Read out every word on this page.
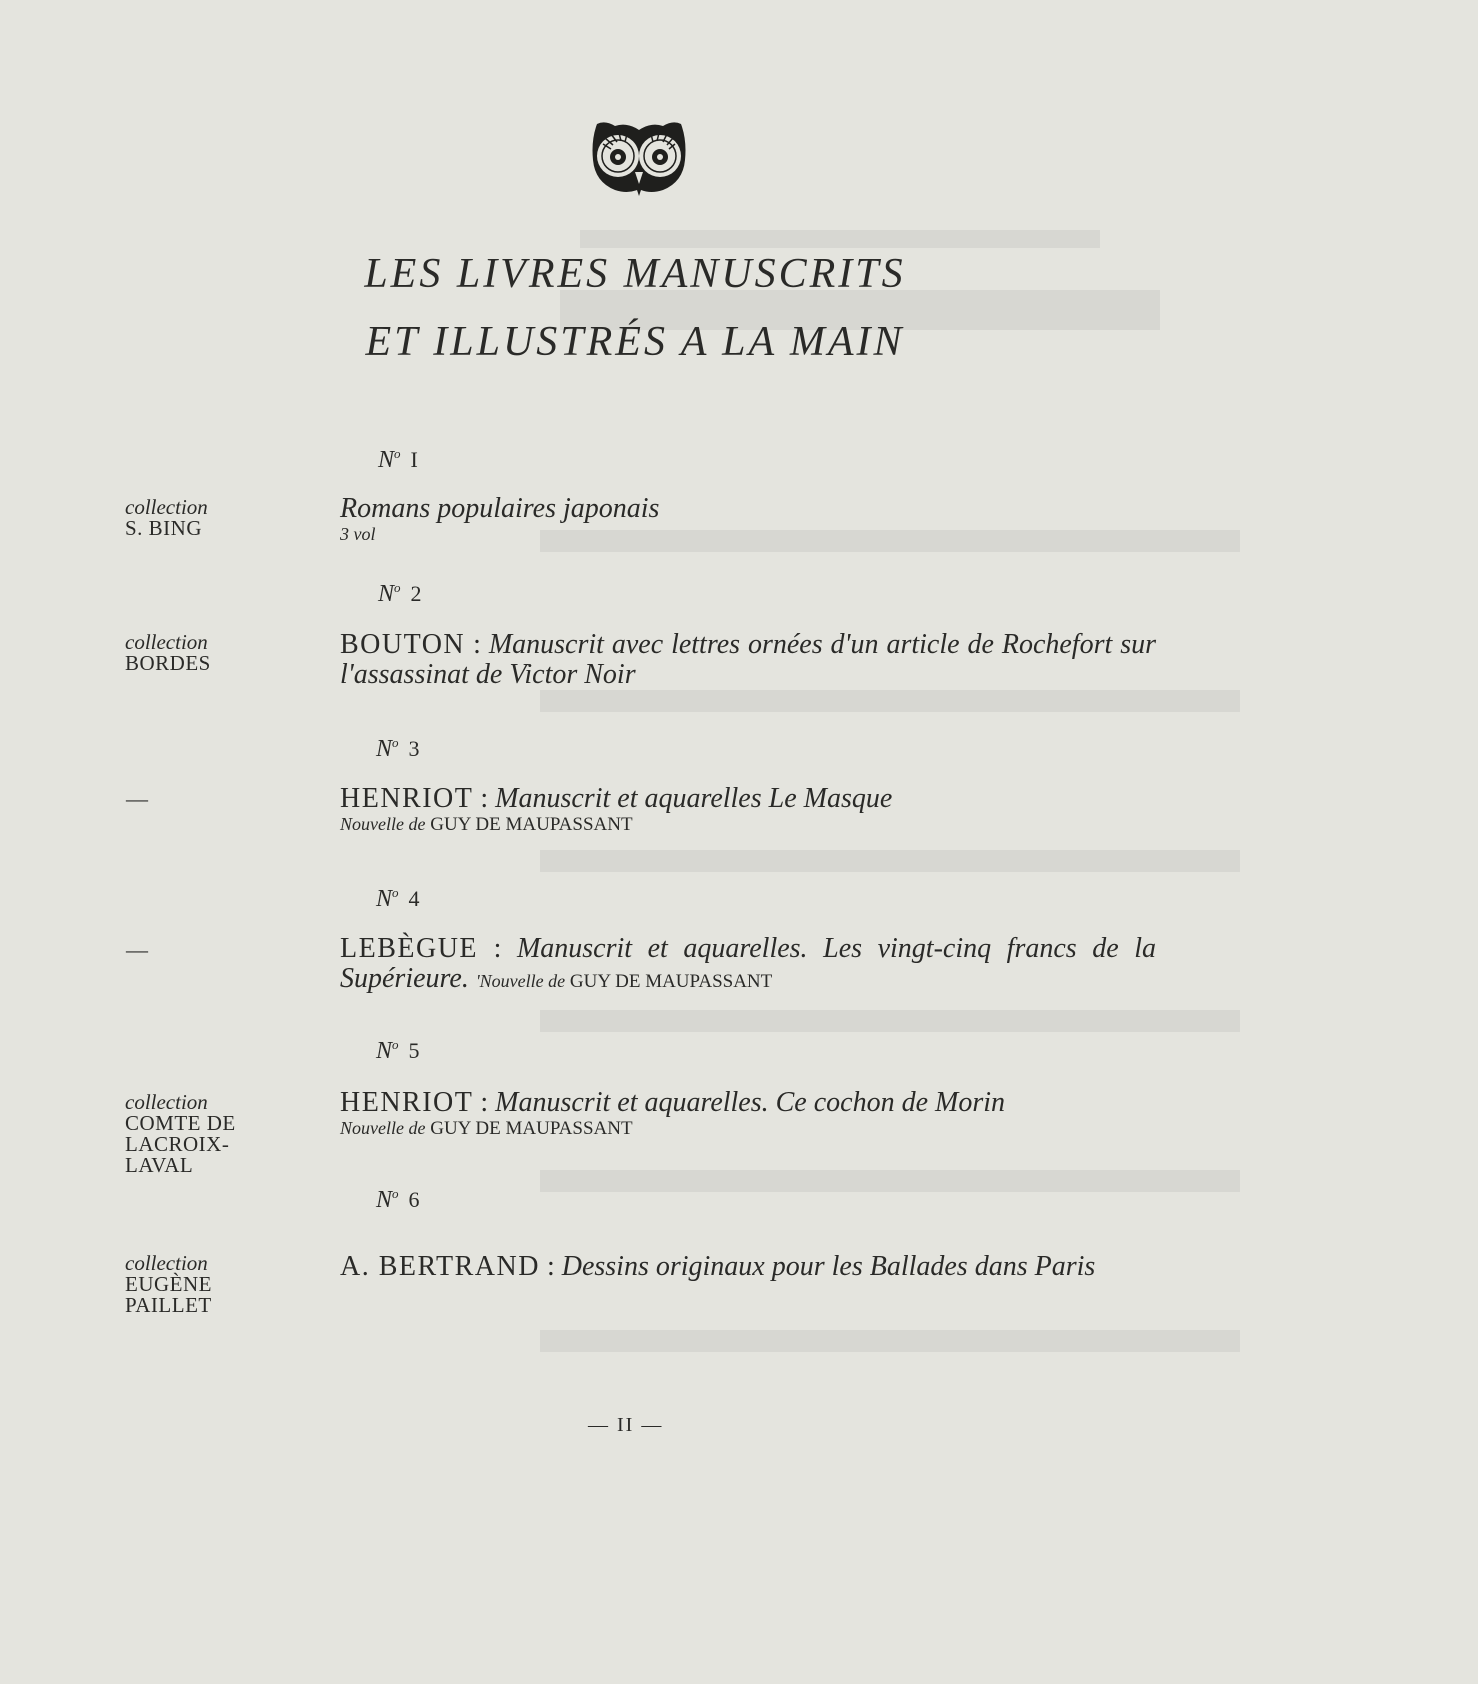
LES LIVRES MANUSCRITS
ET ILLUSTRÉS A LA MAIN
$N^o$ I
collection
S. BING
Romans populaires japonais
3 vol
$N^o$ 2
collection
BORDES
BOUTON : Manuscrit avec lettres ornées d'un article de Rochefort sur l'assassinat de Victor Noir
$N^o$ 3
—	HENRIOT : Manuscrit et aquarelles Le Masque
Nouvelle de GUY DE MAUPASSANT
$N^o$ 4
—	LEBÈGUE : Manuscrit et aquarelles. Les vingt-cinq francs de la Supérieure. 'Nouvelle de GUY DE MAUPASSANT
$N^o$ 5
collection
COMTE DE
LACROIX-
LAVAL
HENRIOT : Manuscrit et aquarelles. Ce cochon de Morin
Nouvelle de GUY DE MAUPASSANT
$N^o$ 6
collection
EUGÈNE
PAILLET
A. BERTRAND : Dessins originaux pour les Ballades dans Paris
— II —
